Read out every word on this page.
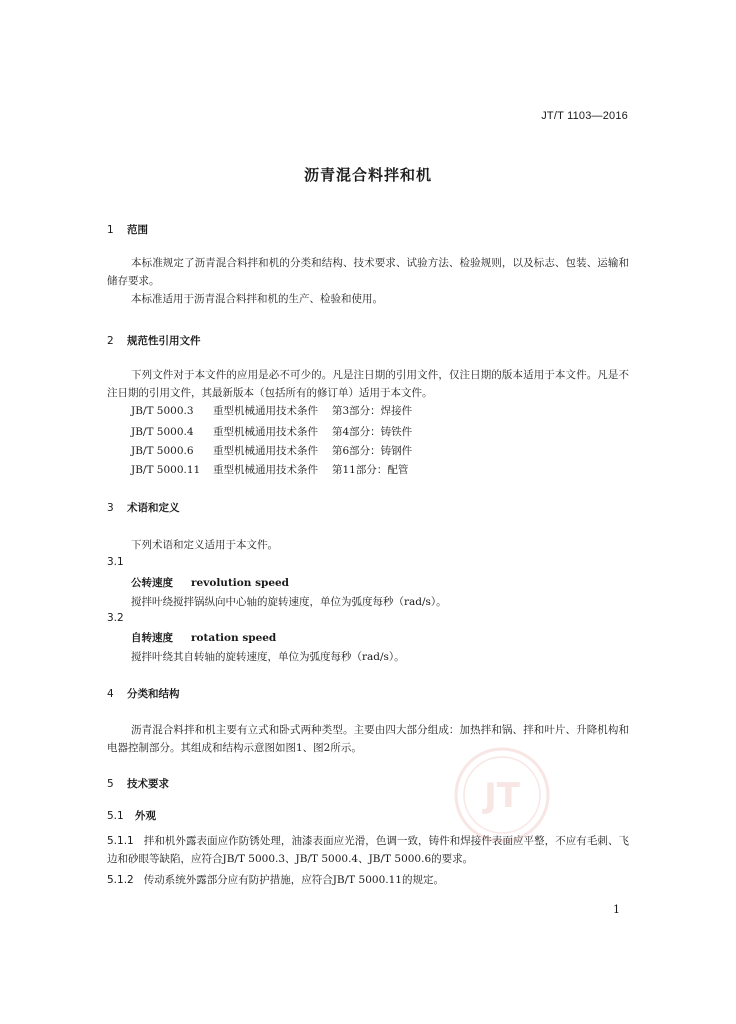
JT/T 1103—2016
沥青混合料拌和机
1 范围
本标准规定了沥青混合料拌和机的分类和结构、技术要求、试验方法、检验规则，以及标志、包装、运输和储存要求。
本标准适用于沥青混合料拌和机的生产、检验和使用。
2 规范性引用文件
下列文件对于本文件的应用是必不可少的。凡是注日期的引用文件，仅注日期的版本适用于本文件。凡是不注日期的引用文件，其最新版本（包括所有的修订单）适用于本文件。
JB/T 5000.3 重型机械通用技术条件 第3部分：焊接件
JB/T 5000.4 重型机械通用技术条件 第4部分：铸铁件
JB/T 5000.6 重型机械通用技术条件 第6部分：铸钢件
JB/T 5000.11 重型机械通用技术条件 第11部分：配管
3 术语和定义
下列术语和定义适用于本文件。
3.1
公转速度 revolution speed
搅拌叶绕搅拌锅纵向中心轴的旋转速度，单位为弧度每秒（rad/s）。
3.2
自转速度 rotation speed
搅拌叶绕其自转轴的旋转速度，单位为弧度每秒（rad/s）。
4 分类和结构
沥青混合料拌和机主要有立式和卧式两种类型。主要由四大部分组成：加热拌和锅、拌和叶片、升降机构和电器控制部分。其组成和结构示意图如图1、图2所示。
5 技术要求
5.1 外观
5.1.1 拌和机外露表面应作防锈处理，油漆表面应光滑，色调一致，铸件和焊接件表面应平整，不应有毛刺、飞边和砂眼等缺陷，应符合JB/T 5000.3、JB/T 5000.4、JB/T 5000.6的要求。
5.1.2 传动系统外露部分应有防护措施，应符合JB/T 5000.11的规定。
JT
1
